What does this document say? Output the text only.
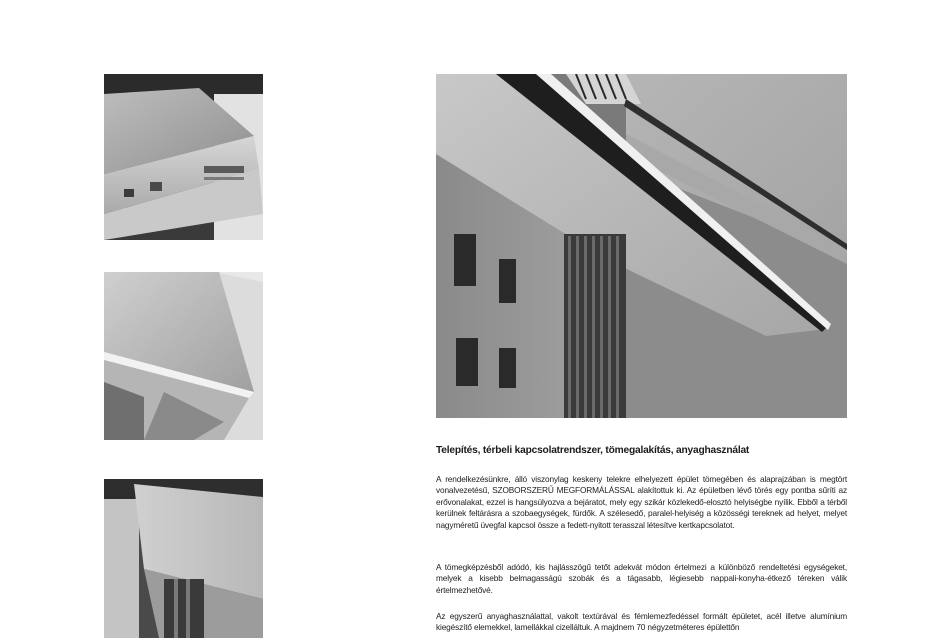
Telepítés, térbeli kapcsolatrendszer, tömegalakítás, anyaghasználat

A rendelkezésünkre, álló viszonylag keskeny telekre elhelyezett épület tömegében és alaprajzában is megtört vonalvezetésű, SZOBORSZERŰ MEGFORMÁLÁSSAL alakítottuk ki. Az épületben lévő törés egy pontba sűríti az erővonalakat, ezzel is hangsúlyozva a bejáratot, mely egy szikár közlekedő-elosztó helyiségbe nyílik. Ebből a térből kerülnek feltárásra a szobaegységek, fürdők. A szélesedő, paralel-helyiség a közösségi tereknek ad helyet, melyet nagyméretű üvegfal kapcsol össze a fedett-nyitott terasszal létesítve kertkapcsolatot.

A tömegképzésből adódó, kis hajlásszögű tetőt adekvát módon értelmezi a különböző rendeltetési egységeket, melyek a kisebb belmagasságú szobák és a tágasabb, légiesebb nappali-konyha-étkező téreken válik értelmezhetővé.

Az egyszerű anyaghasználattal, vakolt textúrával és fémlemezfedéssel formált épületet, acél illetve alumínium kiegészítő elemekkel, lamellákkal cizelláltuk. A majdnem 70 négyzetméteres épülettőn
